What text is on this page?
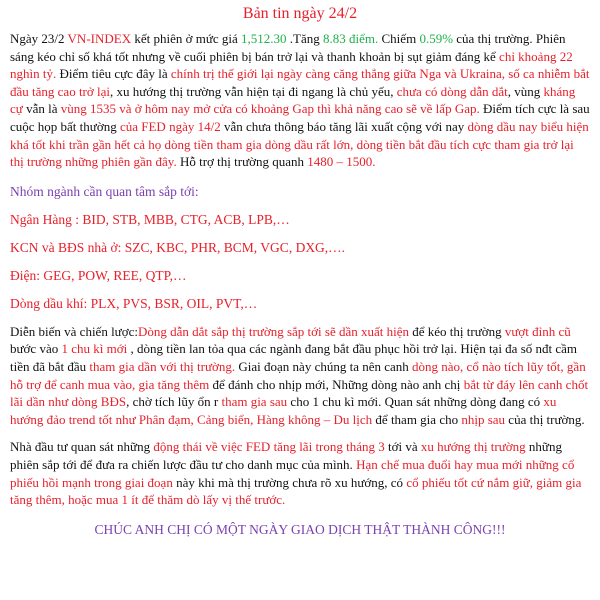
Bản tin ngày 24/2

Ngày 23/2 VN-INDEX kết phiên ở mức giá 1,512.30 .Tăng 8.83 điểm. Chiếm 0.59% của thị trường. Phiên sáng kéo chỉ số khá tốt nhưng về cuối phiên bị bán trở lại và thanh khoản bị sụt giảm đáng kể chỉ khoảng 22 nghìn tỷ. Điểm tiêu cực đây là chính trị thế giới lại ngày càng căng thẳng giữa Nga và Ukraina, số ca nhiễm bắt đầu tăng cao trở lại, xu hướng thị trường vẫn hiện tại đi ngang là chủ yếu, chưa có dòng dẫn dắt, vùng kháng cự vẫn là vùng 1535 và ở hôm nay mở cửa có khoảng Gap thì khả năng cao sẽ về lấp Gap. Điểm tích cực là sau cuộc họp bất thường của FED ngày 14/2 vẫn chưa thông báo tăng lãi xuất cộng với nay dòng dầu nay biểu hiện khá tốt khi trần gần hết cả họ dòng tiền tham gia dòng dầu rất lớn, dòng tiền bắt đầu tích cực tham gia trở lại thị trường những phiên gần đây. Hỗ trợ thị trường quanh 1480 – 1500.

Nhóm ngành cần quan tâm sắp tới:

Ngân Hàng : BID, STB, MBB, CTG, ACB, LPB,…

KCN và BĐS nhà ở: SZC, KBC, PHR, BCM, VGC, DXG,….

Điện: GEG, POW, REE, QTP,…

Dòng dầu khí: PLX, PVS, BSR, OIL, PVT,…

Diễn biến và chiến lược:Dòng dẫn dắt sắp thị trường sắp tới sẽ dần xuất hiện để kéo thị trường vượt đỉnh cũ bước vào 1 chu kì mới , dòng tiền lan tỏa qua các ngành đang bắt đầu phục hồi trở lại. Hiện tại đa số nđt cầm tiền đã bắt đầu tham gia dần với thị trường. Giai đoạn này chúng ta nên canh dòng nào, cổ nào tích lũy tốt, gần hỗ trợ để canh mua vào, gia tăng thêm để đánh cho nhịp mới, Những dòng nào anh chị bắt từ đáy lên canh chốt lãi dần như dòng BĐS, chờ tích lũy ổn r tham gia sau cho 1 chu kì mới. Quan sát những dòng đang có xu hướng đảo trend tốt như Phân đạm, Cảng biển, Hàng không – Du lịch để tham gia cho nhịp sau của thị trường.

Nhà đầu tư quan sát những động thái về việc FED tăng lãi trong tháng 3 tới và xu hướng thị trường những phiên sắp tới để đưa ra chiến lược đầu tư cho danh mục của mình. Hạn chế mua đuổi hay mua mới những cổ phiếu hồi mạnh trong giai đoạn này khi mà thị trường chưa rõ xu hướng, có cổ phiếu tốt cứ nắm giữ, giảm gia tăng thêm, hoặc mua 1 ít để thăm dò lấy vị thế trước.

CHÚC ANH CHỊ CÓ MỘT NGÀY GIAO DỊCH THẬT THÀNH CÔNG!!!
